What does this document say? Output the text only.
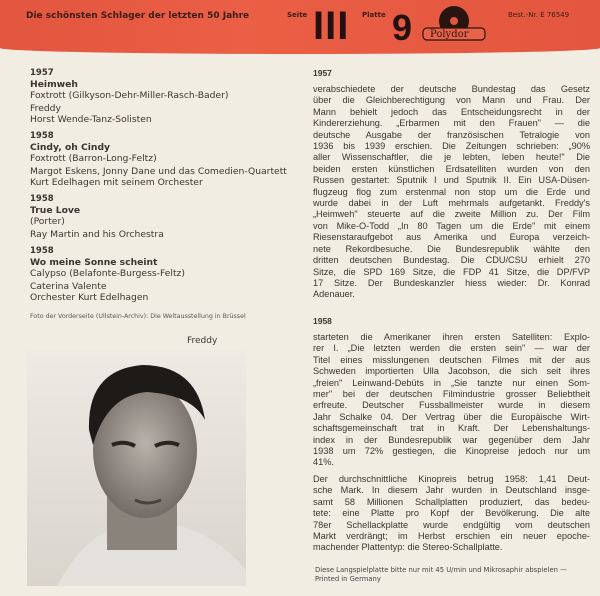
Die schönsten Schlager der letzten 50 Jahre	Seite III Platte 9 Polydor
Best.-Nr. E 76549
1957
Heimweh
Foxtrott (Gilkyson-Dehr-Miller-Rasch-Bader)
Freddy
Horst Wende-Tanz-Solisten
1958
Cindy, oh Cindy
Foxtrott (Barron-Long-Feltz)
Margot Eskens, Jonny Dane und das Comedien-Quartett
Kurt Edelhagen mit seinem Orchester
1958
True Love
(Porter)
Ray Martin and his Orchestra
1958
Wo meine Sonne scheint
Calypso (Belafonte-Burgess-Feltz)
Caterina Valente
Orchester Kurt Edelhagen
Foto der Vorderseite (Ullstein-Archiv): Die Weltausstellung in Brüssel
Freddy
1957
verabschiedete der deutsche Bundestag das Gesetz
über die Gleichberechtigung von Mann und Frau. Der
Mann behielt jedoch das Entscheidungsrecht in der
Kindererziehung. „Erbarmen mit den Frauen" — die
deutsche Ausgabe der französischen Tetralogie von
1936 bis 1939 erschien. Die Zeitungen schrieben: „90%
aller Wissenschaftler, die je lebten, leben heute!" Die
beiden ersten künstlichen Erdsatelliten wurden von den
Russen gestartet: Sputnik I und Sputnik II. Ein USA-Düsen-
flugzeug flog zum erstenmal non stop um die Erde und
wurde dabei in der Luft mehrmals aufgetankt. Freddy's
„Heimweh" steuerte auf die zweite Million zu. Der Film
von Mike-O-Todd „In 80 Tagen um die Erde" mit einem
Riesenstaraufgebot aus Amerika und Europa verzeich-
nete Rekordbesuche. Die Bundesrepublik wählte den
dritten deutschen Bundestag. Die CDU/CSU erhielt 270
Sitze, die SPD 169 Sitze, die FDP 41 Sitze, die DP/FVP
17 Sitze. Der Bundeskanzler hiess wieder: Dr. Konrad
Adenauer.
1958
starteten die Amerikaner ihren ersten Satelliten: Explo-
rer I. „Die letzten werden die ersten sein" — war der
Titel eines misslungenen deutschen Filmes mit der aus
Schweden importierten Ulla Jacobson, die sich seit ihres
„freien" Leinwand-Debüts in „Sie tanzte nur einen Som-
mer" bei der deutschen Filmindustrie grosser Beliebtheit
erfreute. Deutscher Fussballmeister wurde in diesem
Jahr Schalke 04. Der Vertrag über die Europäische Wirt-
schaftsgemeinschaft trat in Kraft. Der Lebenshaltungs-
index in der Bundesrepublik war gegenüber dem Jahr
1938 um 72% gestiegen, die Kinopreise jedoch nur um
41%.
Der durchschnittliche Kinopreis betrug 1958: 1,41 Deut-
sche Mark. In diesem Jahr wurden in Deutschland insge-
samt 58 Millionen Schallplatten produziert, das bedeu-
tete: eine Platte pro Kopf der Bevölkerung. Die alte
78er Schellackplatte wurde endgültig vom deutschen
Markt verdrängt; im Herbst erschien ein neuer epoche-
machender Plattentyp: die Stereo-Schallplatte.
Diese Langspielplatte bitte nur mit 45 U/min und Mikrosaphir abspielen — Printed in Germany
